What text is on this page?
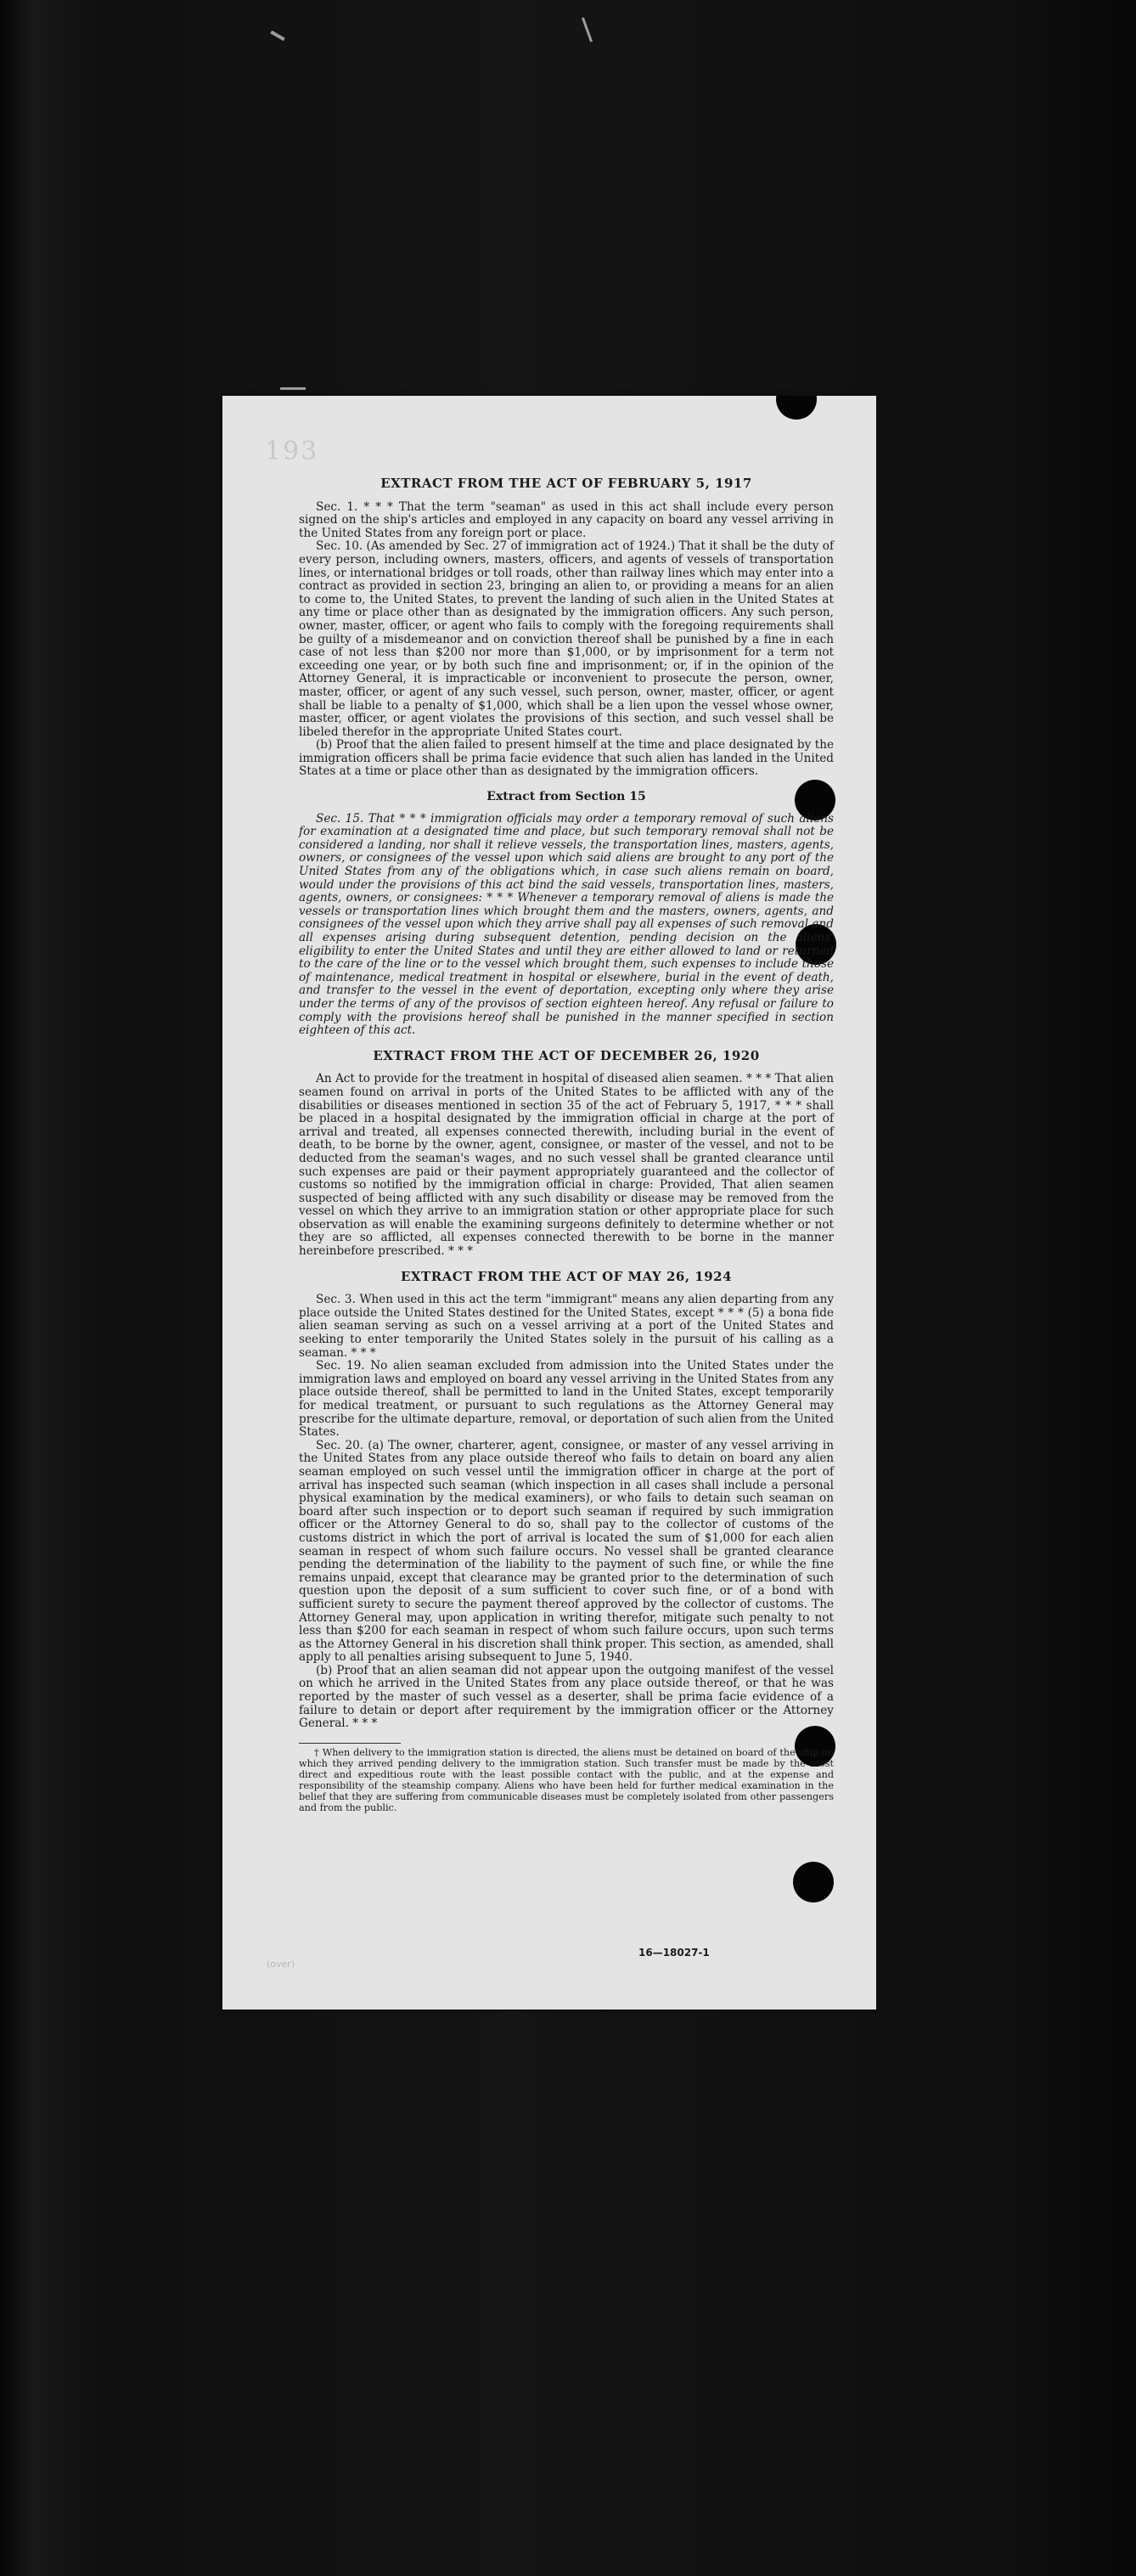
193
EXTRACT FROM THE ACT OF FEBRUARY 5, 1917

Sec. 1. * * * That the term "seaman" as used in this act shall include every person signed on the ship's articles and employed in any capacity on board any vessel arriving in the United States from any foreign port or place.

Sec. 10. (As amended by Sec. 27 of immigration act of 1924.) That it shall be the duty of every person, including owners, masters, officers, and agents of vessels of transportation lines, or international bridges or toll roads, other than railway lines which may enter into a contract as provided in section 23, bringing an alien to, or providing a means for an alien to come to, the United States, to prevent the landing of such alien in the United States at any time or place other than as designated by the immigration officers. Any such person, owner, master, officer, or agent who fails to comply with the foregoing requirements shall be guilty of a misdemeanor and on conviction thereof shall be punished by a fine in each case of not less than $200 nor more than $1,000, or by imprisonment for a term not exceeding one year, or by both such fine and imprisonment; or, if in the opinion of the Attorney General, it is impracticable or inconvenient to prosecute the person, owner, master, officer, or agent of any such vessel, such person, owner, master, officer, or agent shall be liable to a penalty of $1,000, which shall be a lien upon the vessel whose owner, master, officer, or agent violates the provisions of this section, and such vessel shall be libeled therefor in the appropriate United States court.

(b) Proof that the alien failed to present himself at the time and place designated by the immigration officers shall be prima facie evidence that such alien has landed in the United States at a time or place other than as designated by the immigration officers.

Extract from Section 15

Sec. 15. That * * * immigration officials may order a temporary removal of such aliens for examination at a designated time and place, but such temporary removal shall not be considered a landing, nor shall it relieve vessels, the transportation lines, masters, agents, owners, or consignees of the vessel upon which said aliens are brought to any port of the United States from any of the obligations which, in case such aliens remain on board, would under the provisions of this act bind the said vessels, transportation lines, masters, agents, owners, or consignees: * * * Whenever a temporary removal of aliens is made the vessels or transportation lines which brought them and the masters, owners, agents, and consignees of the vessel upon which they arrive shall pay all expenses of such removal and all expenses arising during subsequent detention, pending decision on the aliens' eligibility to enter the United States and until they are either allowed to land or returned to the care of the line or to the vessel which brought them, such expenses to include those of maintenance, medical treatment in hospital or elsewhere, burial in the event of death, and transfer to the vessel in the event of deportation, excepting only where they arise under the terms of any of the provisos of section eighteen hereof. Any refusal or failure to comply with the provisions hereof shall be punished in the manner specified in section eighteen of this act.

EXTRACT FROM THE ACT OF DECEMBER 26, 1920

An Act to provide for the treatment in hospital of diseased alien seamen. * * * That alien seamen found on arrival in ports of the United States to be afflicted with any of the disabilities or diseases mentioned in section 35 of the act of February 5, 1917, * * * shall be placed in a hospital designated by the immigration official in charge at the port of arrival and treated, all expenses connected therewith, including burial in the event of death, to be borne by the owner, agent, consignee, or master of the vessel, and not to be deducted from the seaman's wages, and no such vessel shall be granted clearance until such expenses are paid or their payment appropriately guaranteed and the collector of customs so notified by the immigration official in charge: Provided, That alien seamen suspected of being afflicted with any such disability or disease may be removed from the vessel on which they arrive to an immigration station or other appropriate place for such observation as will enable the examining surgeons definitely to determine whether or not they are so afflicted, all expenses connected therewith to be borne in the manner hereinbefore prescribed. * * *

EXTRACT FROM THE ACT OF MAY 26, 1924

Sec. 3. When used in this act the term "immigrant" means any alien departing from any place outside the United States destined for the United States, except * * * (5) a bona fide alien seaman serving as such on a vessel arriving at a port of the United States and seeking to enter temporarily the United States solely in the pursuit of his calling as a seaman. * * *

Sec. 19. No alien seaman excluded from admission into the United States under the immigration laws and employed on board any vessel arriving in the United States from any place outside thereof, shall be permitted to land in the United States, except temporarily for medical treatment, or pursuant to such regulations as the Attorney General may prescribe for the ultimate departure, removal, or deportation of such alien from the United States.

Sec. 20. (a) The owner, charterer, agent, consignee, or master of any vessel arriving in the United States from any place outside thereof who fails to detain on board any alien seaman employed on such vessel until the immigration officer in charge at the port of arrival has inspected such seaman (which inspection in all cases shall include a personal physical examination by the medical examiners), or who fails to detain such seaman on board after such inspection or to deport such seaman if required by such immigration officer or the Attorney General to do so, shall pay to the collector of customs of the customs district in which the port of arrival is located the sum of $1,000 for each alien seaman in respect of whom such failure occurs. No vessel shall be granted clearance pending the determination of the liability to the payment of such fine, or while the fine remains unpaid, except that clearance may be granted prior to the determination of such question upon the deposit of a sum sufficient to cover such fine, or of a bond with sufficient surety to secure the payment thereof approved by the collector of customs. The Attorney General may, upon application in writing therefor, mitigate such penalty to not less than $200 for each seaman in respect of whom such failure occurs, upon such terms as the Attorney General in his discretion shall think proper. This section, as amended, shall apply to all penalties arising subsequent to June 5, 1940.

(b) Proof that an alien seaman did not appear upon the outgoing manifest of the vessel on which he arrived in the United States from any place outside thereof, or that he was reported by the master of such vessel as a deserter, shall be prima facie evidence of a failure to detain or deport after requirement by the immigration officer or the Attorney General. * * *

† When delivery to the immigration station is directed, the aliens must be detained on board of the ship on which they arrived pending delivery to the immigration station. Such transfer must be made by the most direct and expeditious route with the least possible contact with the public, and at the expense and responsibility of the steamship company. Aliens who have been held for further medical examination in the belief that they are suffering from communicable diseases must be completely isolated from other passengers and from the public.

(over)
16—18027-1
